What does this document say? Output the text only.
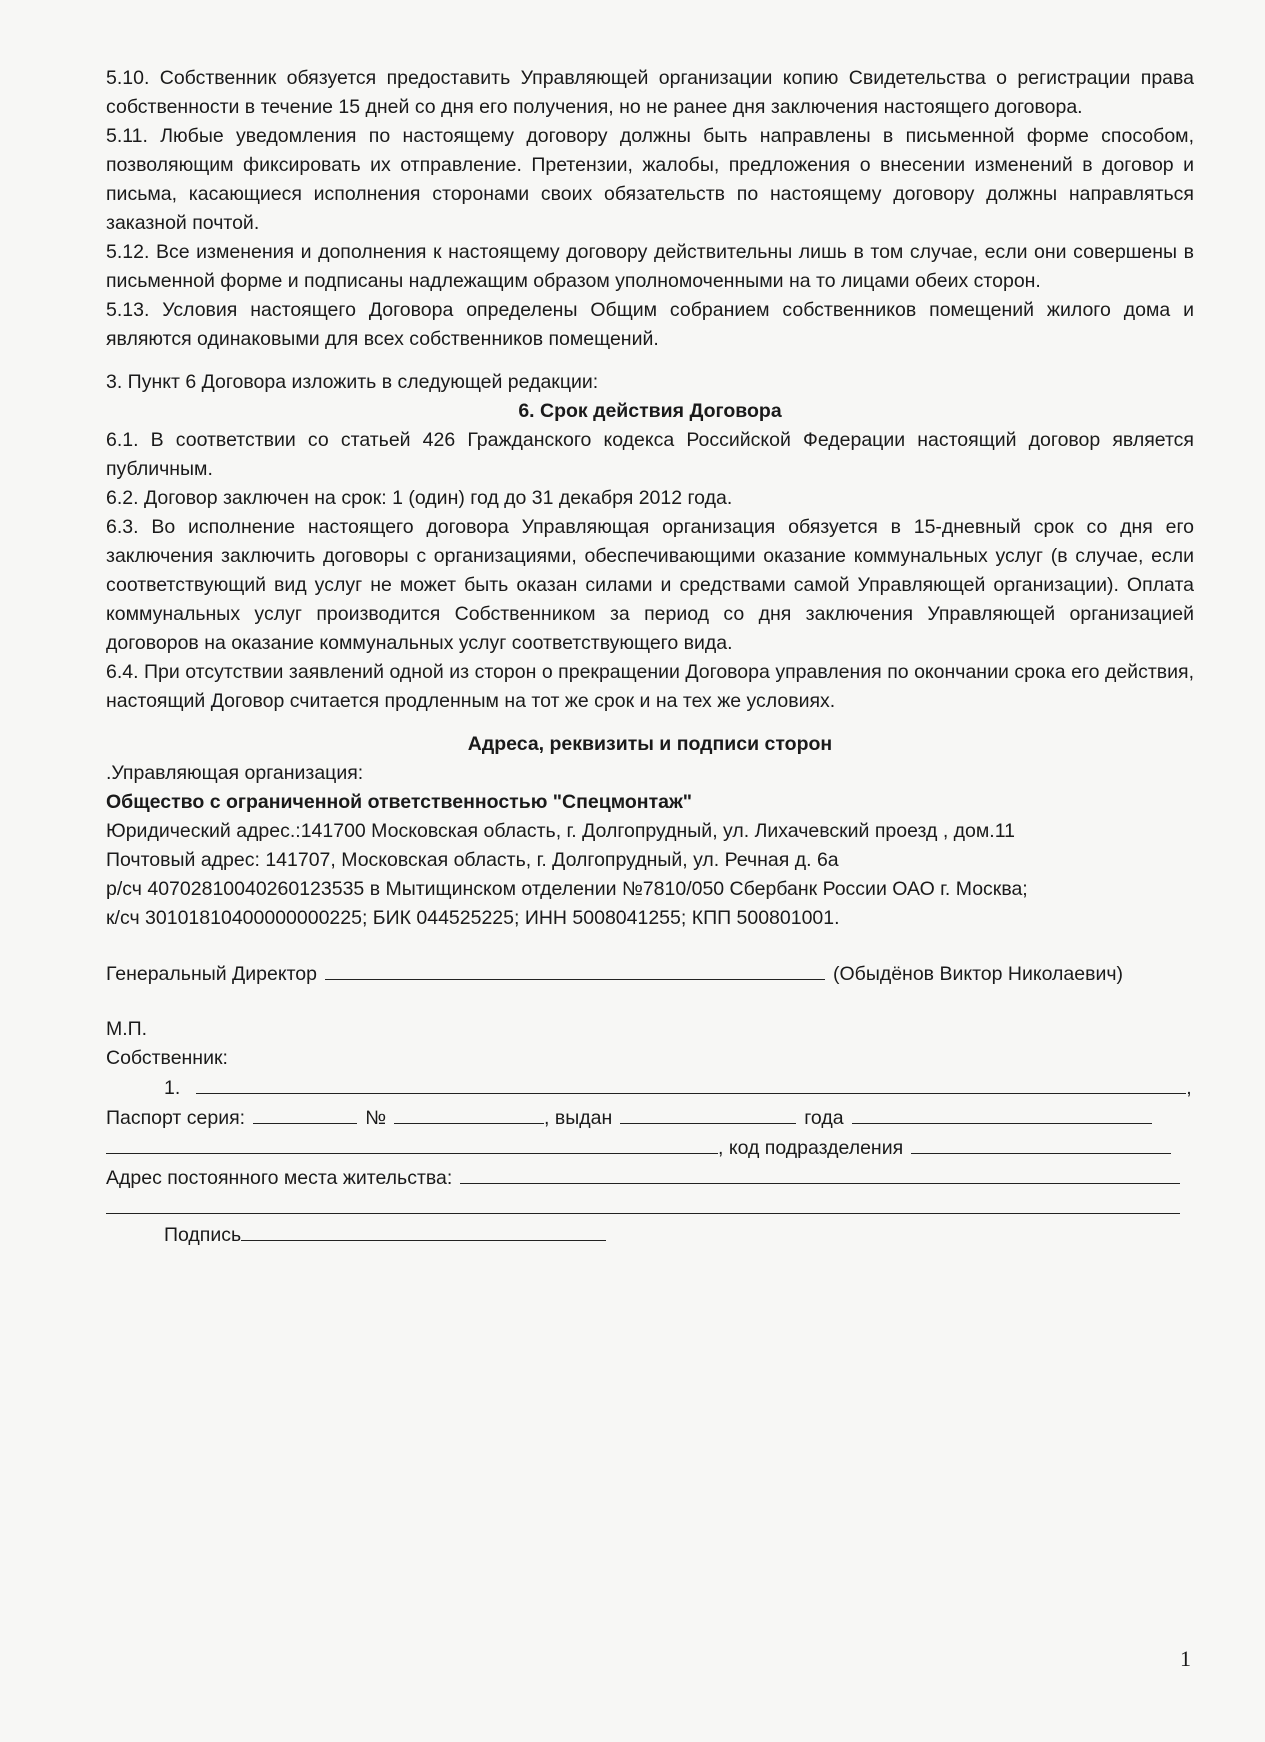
5.10. Собственник обязуется предоставить Управляющей организации копию Свидетельства о регистрации права собственности в течение 15 дней со дня его получения, но не ранее дня заключения настоящего договора.

5.11. Любые уведомления по настоящему договору должны быть направлены в письменной форме способом, позволяющим фиксировать их отправление. Претензии, жалобы, предложения о внесении изменений в договор и письма, касающиеся исполнения сторонами своих обязательств по настоящему договору должны направляться заказной почтой.

5.12. Все изменения и дополнения к настоящему договору действительны лишь в том случае, если они совершены в письменной форме и подписаны надлежащим образом уполномоченными на то лицами обеих сторон.

5.13. Условия настоящего Договора определены Общим собранием собственников помещений жилого дома и являются одинаковыми для всех собственников помещений.

3. Пункт 6 Договора изложить в следующей редакции:

6. Срок действия Договора

6.1. В соответствии со статьей 426 Гражданского кодекса Российской Федерации настоящий договор является публичным.

6.2. Договор заключен на срок: 1 (один) год до 31 декабря 2012 года.

6.3. Во исполнение настоящего договора Управляющая организация обязуется в 15-дневный срок со дня его заключения заключить договоры с организациями, обеспечивающими оказание коммунальных услуг (в случае, если соответствующий вид услуг не может быть оказан силами и средствами самой Управляющей организации). Оплата коммунальных услуг производится Собственником за период со дня заключения Управляющей организацией договоров на оказание коммунальных услуг соответствующего вида.

6.4. При отсутствии заявлений одной из сторон о прекращении Договора управления по окончании срока его действия, настоящий Договор считается продленным на тот же срок и на тех же условиях.

Адреса, реквизиты и подписи сторон

.Управляющая организация:

Общество с ограниченной ответственностью "Спецмонтаж"

Юридический адрес.:141700 Московская область, г. Долгопрудный, ул. Лихачевский проезд , дом.11

Почтовый адрес: 141707, Московская область, г. Долгопрудный, ул. Речная д. 6а

р/сч 40702810040260123535 в Мытищинском отделении №7810/050 Сбербанк России ОАО г. Москва;

к/сч 30101810400000000225; БИК 044525225; ИНН 5008041255; КПП 500801001.

Генеральный Директор	(Обыдёнов Виктор Николаевич)

М.П.

Собственник:

1.	,
Паспорт серия:	№	, выдан	года
, код подразделения
Адрес постоянного места жительства:
Подпись
1
